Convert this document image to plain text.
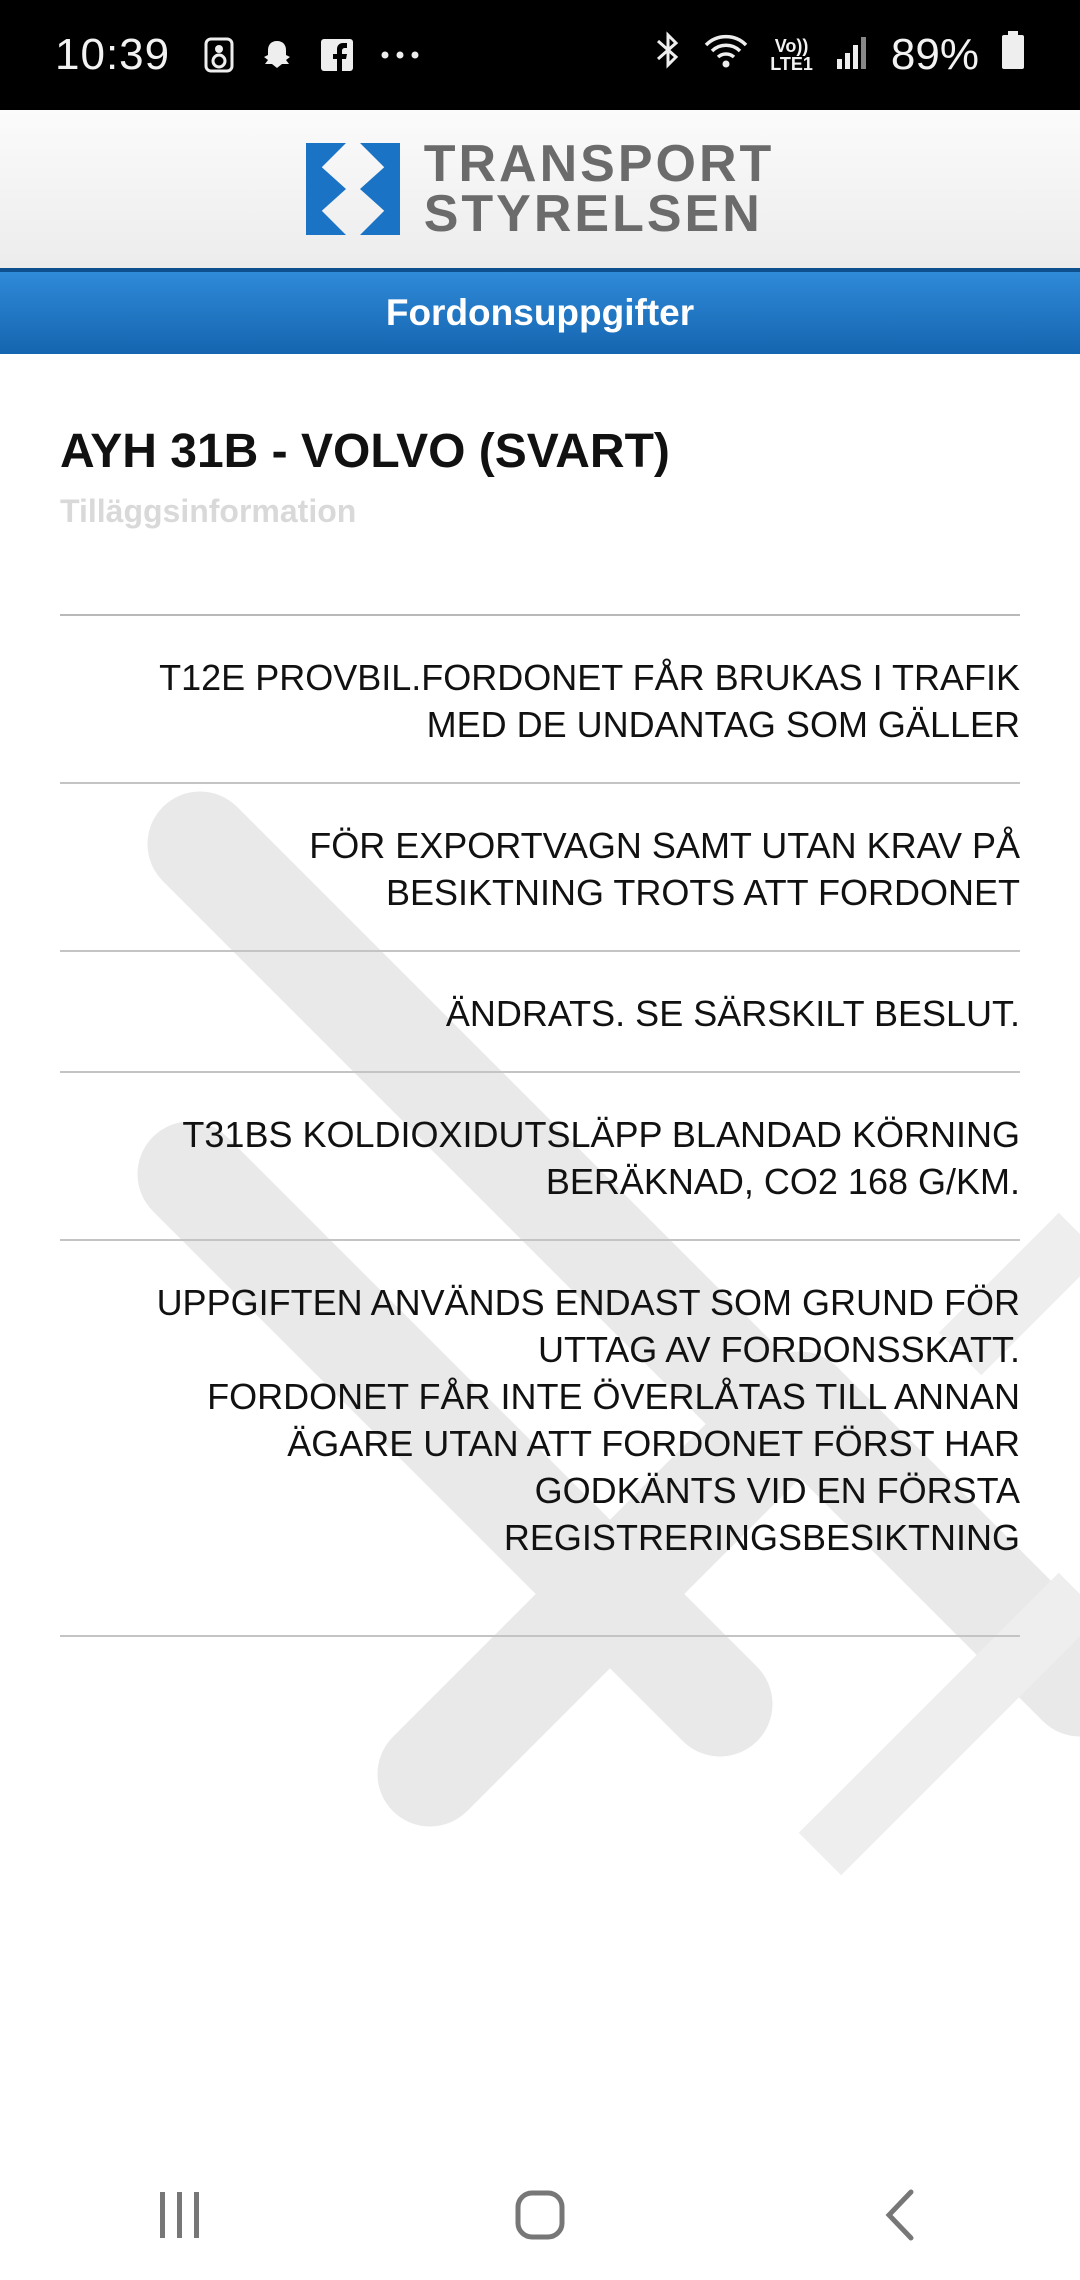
10:39	Vo))
LTE1 89%
TRANSPORT
STYRELSEN
Fordonsuppgifter
AYH 31B - VOLVO (SVART)
Tilläggsinformation
T12E PROVBIL.FORDONET FÅR BRUKAS I TRAFIK
MED DE UNDANTAG SOM GÄLLER
FÖR EXPORTVAGN SAMT UTAN KRAV PÅ
BESIKTNING TROTS ATT FORDONET
ÄNDRATS. SE SÄRSKILT BESLUT.
T31BS KOLDIOXIDUTSLÄPP BLANDAD KÖRNING
BERÄKNAD, CO2 168 G/KM.
UPPGIFTEN ANVÄNDS ENDAST SOM GRUND FÖR
UTTAG AV FORDONSSKATT.
FORDONET FÅR INTE ÖVERLÅTAS TILL ANNAN
ÄGARE UTAN ATT FORDONET FÖRST HAR
GODKÄNTS VID EN FÖRSTA
REGISTRERINGSBESIKTNING
